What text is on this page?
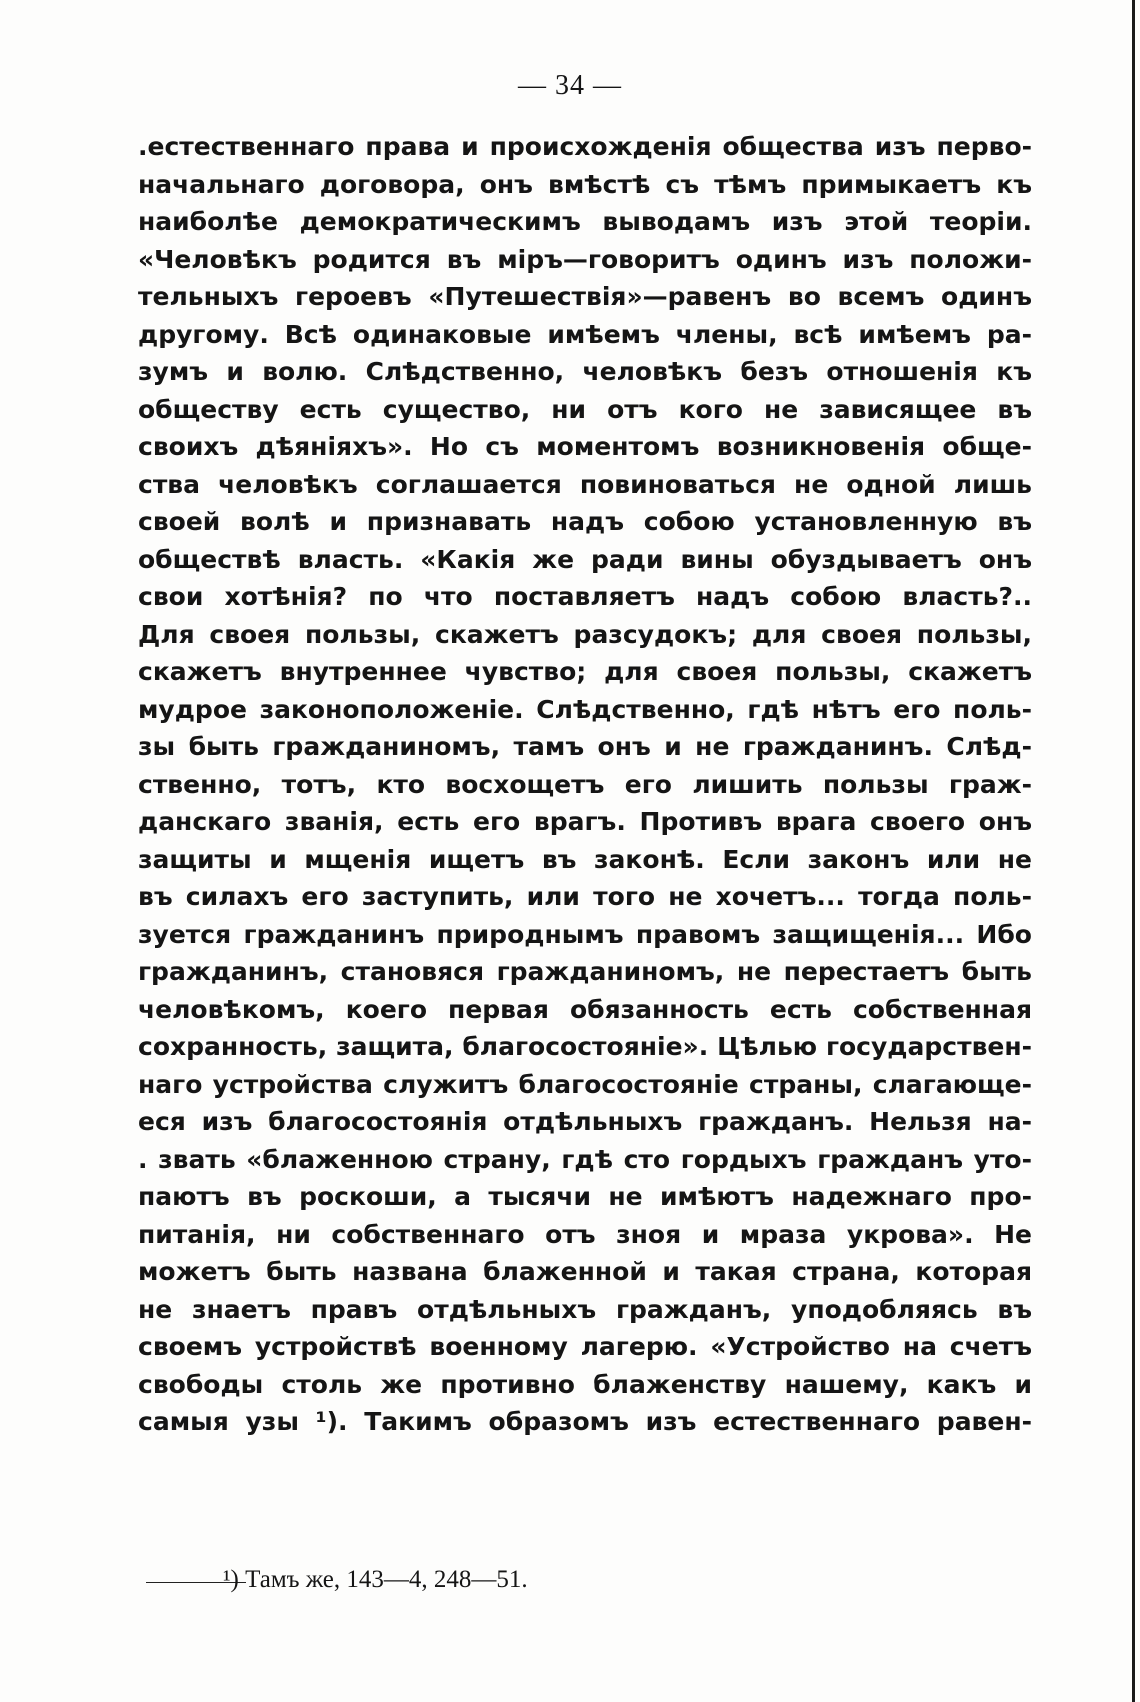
— 34 —
.естественнаго права и происхожденія общества изъ перво-
начальнаго договора, онъ вмѣстѣ съ тѣмъ примыкаетъ къ
наиболѣе демократическимъ выводамъ изъ этой теоріи.
«Человѣкъ родится въ міръ—говоритъ одинъ изъ положи-
тельныхъ героевъ «Путешествія»—равенъ во всемъ одинъ
другому. Всѣ одинаковые имѣемъ члены, всѣ имѣемъ ра-
зумъ и волю. Слѣдственно, человѣкъ безъ отношенія къ
обществу есть существо, ни отъ кого не зависящее въ
своихъ дѣяніяхъ». Но съ моментомъ возникновенія обще-
ства человѣкъ соглашается повиноваться не одной лишь
своей волѣ и признавать надъ собою установленную въ
обществѣ власть. «Какія же ради вины обуздываетъ онъ
свои хотѣнія? по что поставляетъ надъ собою власть?..
Для своея пользы, скажетъ разсудокъ; для своея пользы,
скажетъ внутреннее чувство; для своея пользы, скажетъ
мудрое законоположеніе. Слѣдственно, гдѣ нѣтъ его поль-
зы быть гражданиномъ, тамъ онъ и не гражданинъ. Слѣд-
ственно, тотъ, кто восхощетъ его лишить пользы граж-
данскаго званія, есть его врагъ. Противъ врага своего онъ
защиты и мщенія ищетъ въ законѣ. Если законъ или не
въ силахъ его заступить, или того не хочетъ... тогда поль-
зуется гражданинъ природнымъ правомъ защищенія... Ибо
гражданинъ, становяся гражданиномъ, не перестаетъ быть
человѣкомъ, коего первая обязанность есть собственная
сохранность, защита, благосостояніе». Цѣлью государствен-
наго устройства служитъ благосостояніе страны, слагающе-
еся изъ благосостоянія отдѣльныхъ гражданъ. Нельзя на-
. звать «блаженною страну, гдѣ сто гордыхъ гражданъ уто-
паютъ въ роскоши, а тысячи не имѣютъ надежнаго про-
питанія, ни собственнаго отъ зноя и мраза укрова». Не
можетъ быть названа блаженной и такая страна, которая
не знаетъ правъ отдѣльныхъ гражданъ, уподобляясь въ
своемъ устройствѣ военному лагерю. «Устройство на счетъ
свободы столь же противно блаженству нашему, какъ и
самыя узы ¹). Такимъ образомъ изъ естественнаго равен-
¹) Тамъ же, 143—4, 248—51.
